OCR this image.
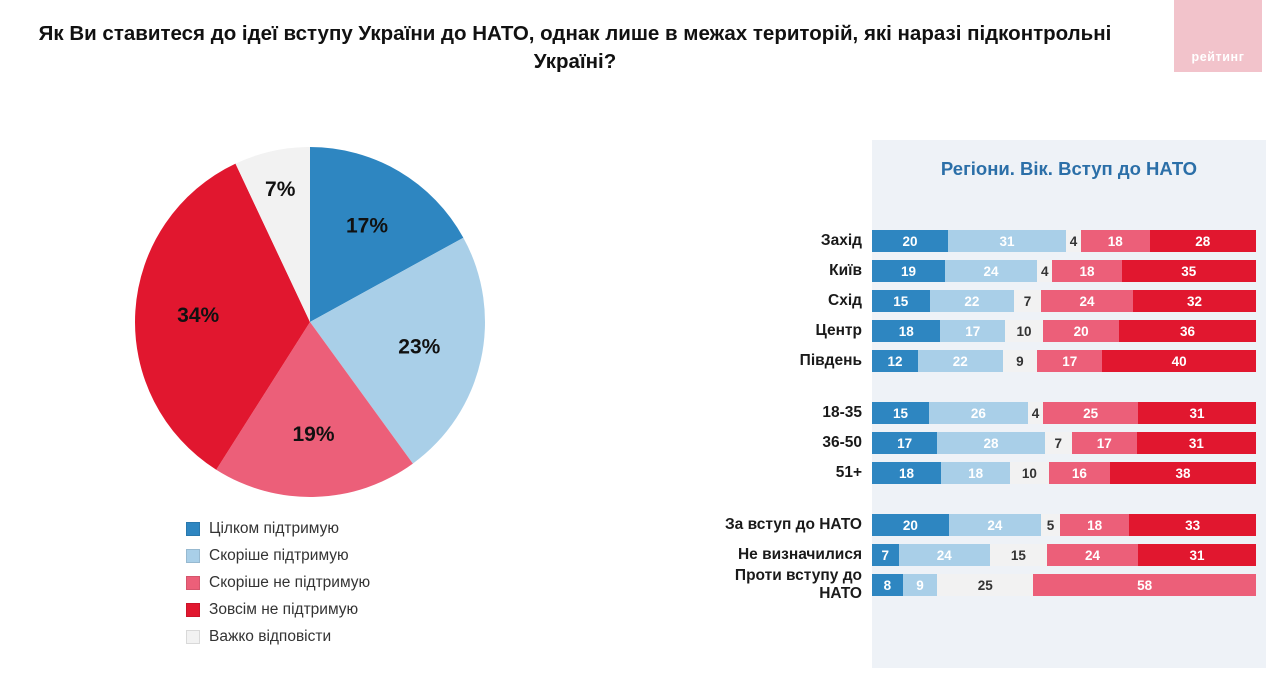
Як Ви ставитеся до ідеї вступу України до НАТО, однак лише в межах територій, які наразі підконтрольні Україні?	рейтинг
17%
23%
19%
34%
7%
Цілком підтримую
Скоріше підтримую
Скоріше не підтримую
Зовсім не підтримую
Важко відповісти
Регіони. Вік. Вступ до НАТО
Захід	20	31	4	18	28
Київ	19	24	4	18	35
Схід	15	22	7	24	32
Центр	18	17	10	20	36
Південь	12	22	9	17	40
18-35	15	26	4	25	31
36-50	17	28	7	17	31
51+	18	18	10	16	38
За вступ до НАТО	20	24	5	18	33
Не визначилися	7	24	15	24	31
Проти вступу до НАТО	8	9	25	58
